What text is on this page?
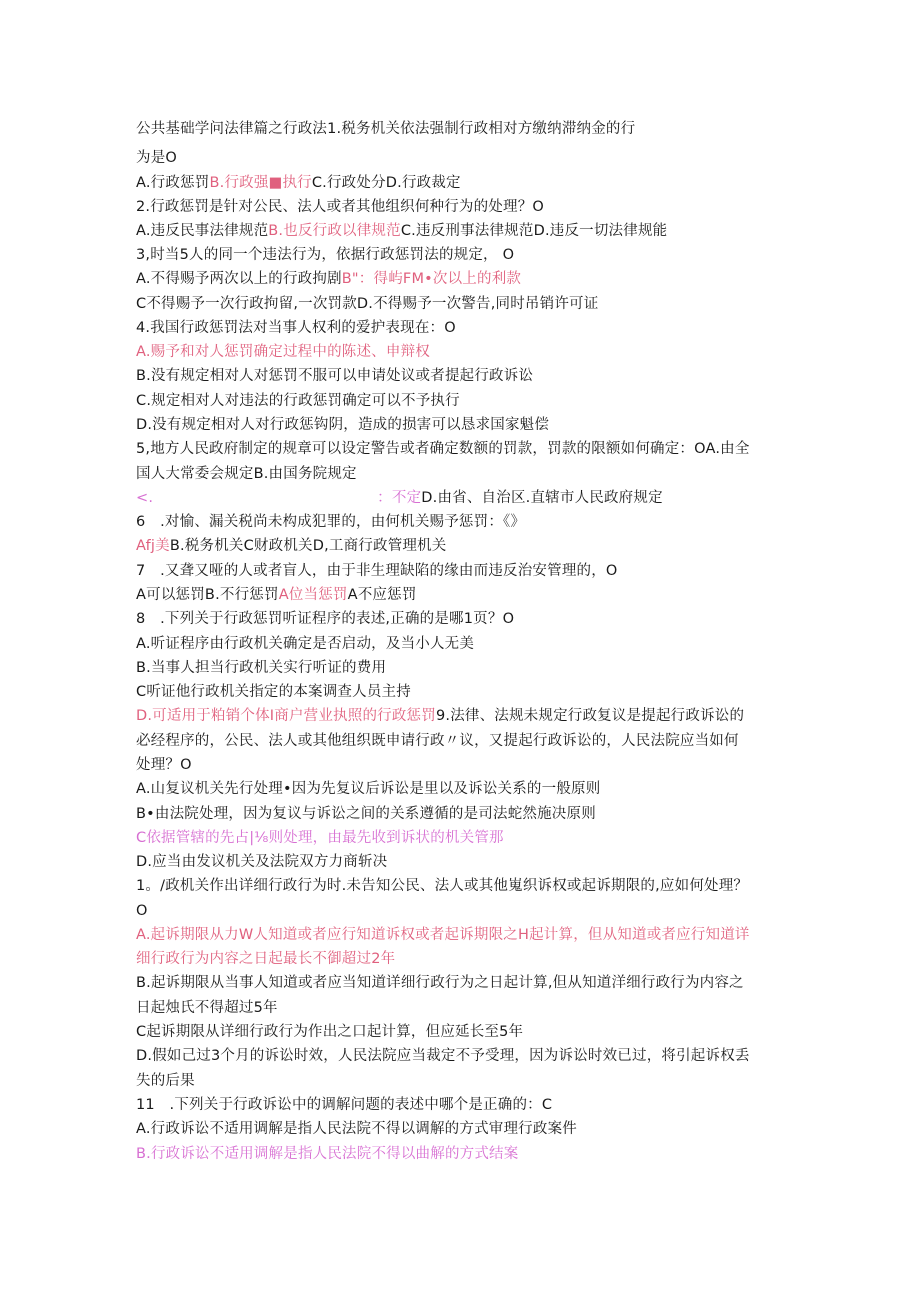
公共基础学问法律篇之行政法1.税务机关依法强制行政相对方缴纳滞纳金的行
为是O
A.行政惩罚B.行政强■执行C.行政处分D.行政裁定
2.行政惩罚是针对公民、法人或者其他组织何种行为的处理？O
A.违反民事法律规范B.也反行政以律规范C.违反刑事法律规范D.违反一切法律规能
3,时当5人的同一个违法行为，依据行政惩罚法的规定， O
A.不得赐予两次以上的行政拘剧B"：得屿FM•次以上的利款
C不得赐予一次行政拘留,一次罚款D.不得赐予一次警告,同时吊销许可证
4.我国行政惩罚法对当事人权利的爱护表现在：O
A.赐予和对人惩罚确定过程中的陈述、申辩权
B.没有规定相对人对惩罚不服可以申请处议或者提起行政诉讼
C.规定相对人对违法的行政惩罚确定可以不予执行
D.没有规定相对人对行政惩钩阴，造成的损害可以恳求国家魁偿
5,地方人民政府制定的规章可以设定警告或者确定数额的罚款，罚款的限额如何确定：OA.由全
国人大常委会规定B.由国务院规定
<.	：不定D.由省、自治区.直辖市人民政府规定
6　.对愉、漏关税尚未构成犯罪的，由何机关赐予惩罚：《》
Afj美B.税务机关C财政机关D,工商行政管理机关
7　.又聋又哑的人或者盲人，由于非生理缺陷的缘由而违反治安管理的，O
A可以惩罚B.不行惩罚A位当惩罚A不应惩罚
8　.下列关于行政惩罚听证程序的表述,正确的是哪1页？O
A.听证程序由行政机关确定是否启动，及当小人无美
B.当事人担当行政机关实行听证的费用
C听证他行政机关指定的本案调查人员主持
D.可适用于粕销个体I商户营业执照的行政惩罚9.法律、法规未规定行政复议是提起行政诉讼的
必经程序的，公民、法人或其他组织既申请行政〃议，又提起行政诉讼的，人民法院应当如何
处理？O
A.山复议机关先行处理•因为先复议后诉讼是里以及诉讼关系的一般原则
B•由法院处理，因为复议与诉讼之间的关系遵循的是司法蛇然施决原则
C依据管辖的先占|⅛则处理，由最先收到诉状的机关管那
D.应当由发议机关及法院双方力商斩决
1。/政机关作出详细行政行为时.未告知公民、法人或其他嵬织诉权或起诉期限的,应如何处理？
O
A.起诉期限从力W人知道或者应行知道诉权或者起诉期限之H起计算，但从知道或者应行知道详
细行政行为内容之日起最长不御超过2年
B.起诉期限从当事人知道或者应当知道详细行政行为之日起计算,但从知道洋细行政行为内容之
日起烛氏不得超过5年
C起诉期限从详细行政行为作出之口起计算，但应延长至5年
D.假如己过3个月的诉讼时效，人民法院应当裁定不予受理，因为诉讼时效已过，将引起诉权丢
失的后果
11　.下列关于行政诉讼中的调解问题的表述中哪个是正确的：C
A.行政诉讼不适用调解是指人民法院不得以调解的方式审理行政案件
B.行政诉讼不适用调解是指人民法院不得以曲解的方式结案
